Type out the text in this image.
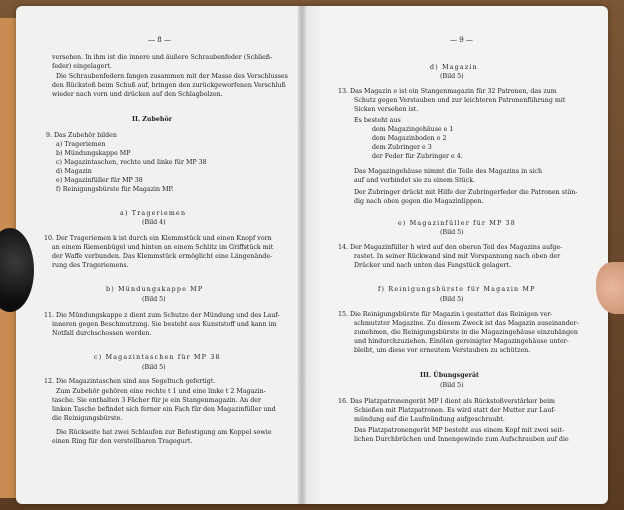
— 8 —
versehen. In ihm ist die innere und äußere Schraubenfeder (Schließ-
feder) eingelagert.
Die Schraubenfedern fangen zusammen mit der Masse des Verschlusses
den Rückstoß beim Schuß auf, bringen den zurückgeworfenen Verschluß
wieder nach vorn und drücken auf den Schlagbolzen.
II. Zubehör
9. Das Zubehör bilden
a) Trageriemen
b) Mündungskappe MP
c) Magazintaschen, rechte und linke für MP 38
d) Magazin
e) Magazinfüller für MP 38
f) Reinigungsbürste für Magazin MP.
a) Trageriemen
(Bild 4)
10. Der Trageriemen k ist durch ein Klemmstück und einen Knopf vorn
an einem Riemenbügel und hinten an einem Schlitz im Griffstück mit
der Waffe verbunden. Das Klemmstück ermöglicht eine Längenände-
rung des Trageriemens.
b) Mündungskappe MP
(Bild 5)
11. Die Mündungskappe z dient zum Schutze der Mündung und des Lauf-
inneren gegen Beschmutzung. Sie besteht aus Kunststoff und kann im
Notfall durchschossen werden.
c) Magazintaschen für MP 38
(Bild 5)
12. Die Magazintaschen sind aus Segeltuch gefertigt.
Zum Zubehör gehören eine rechte t 1 und eine linke t 2 Magazin-
tasche. Sie enthalten 3 Fächer für je ein Stangenmagazin. An der
linken Tasche befindet sich ferner ein Fach für den Magazinfüller und
die Reinigungsbürste.
Die Rückseite hat zwei Schlaufen zur Befestigung am Koppel sowie
einen Ring für den verstellbaren Tragegurt.
— 9 —
d) Magazin
(Bild 5)
13. Das Magazin e ist ein Stangenmagazin für 32 Patronen, das zum
Schutz gegen Verstauben und zur leichteren Patronenführung mit
Sicken versehen ist.
Es besteht aus
dem Magazingehäuse e 1
dem Magazinboden e 2
dem Zubringer e 3
der Feder für Zubringer e 4.
Das Magazingehäuse nimmt die Teile des Magazins in sich
auf und verbindet sie zu einem Stück.
Der Zubringer drückt mit Hilfe der Zubringerfeder die Patronen stän-
dig nach oben gegen die Magazinlippen.
e) Magazinfüller für MP 38
(Bild 5)
14. Der Magazinfüller h wird auf den oberen Teil des Magazins aufge-
rastet. In seiner Rückwand sind mit Vorspannung nach oben der
Drücker und nach unten das Fangstück gelagert.
f) Reinigungsbürste für Magazin MP
(Bild 5)
15. Die Reinigungsbürste für Magazin i gestattet das Reinigen ver-
schmutzter Magazine. Zu diesem Zweck ist das Magazin auseinander-
zunehmen, die Reinigungsbürste in die Magazingehäuse einzuhängen
und hindurchzuziehen. Einölen gereinigter Magazingehäuse unter-
bleibt, um diese vor erneutem Verstauben zu schützen.
III. Übungsgerät
(Bild 5)
16. Das Platzpatronengerät MP l dient als Rückstoßverstärker beim
Schießen mit Platzpatronen. Es wird statt der Mutter zur Lauf-
mündung auf die Laufmündung aufgeschraubt.
Das Platzpatronengerät MP besteht aus einem Kopf mit zwei seit-
lichen Durchbrüchen und Innengewinde zum Aufschrauben auf die
